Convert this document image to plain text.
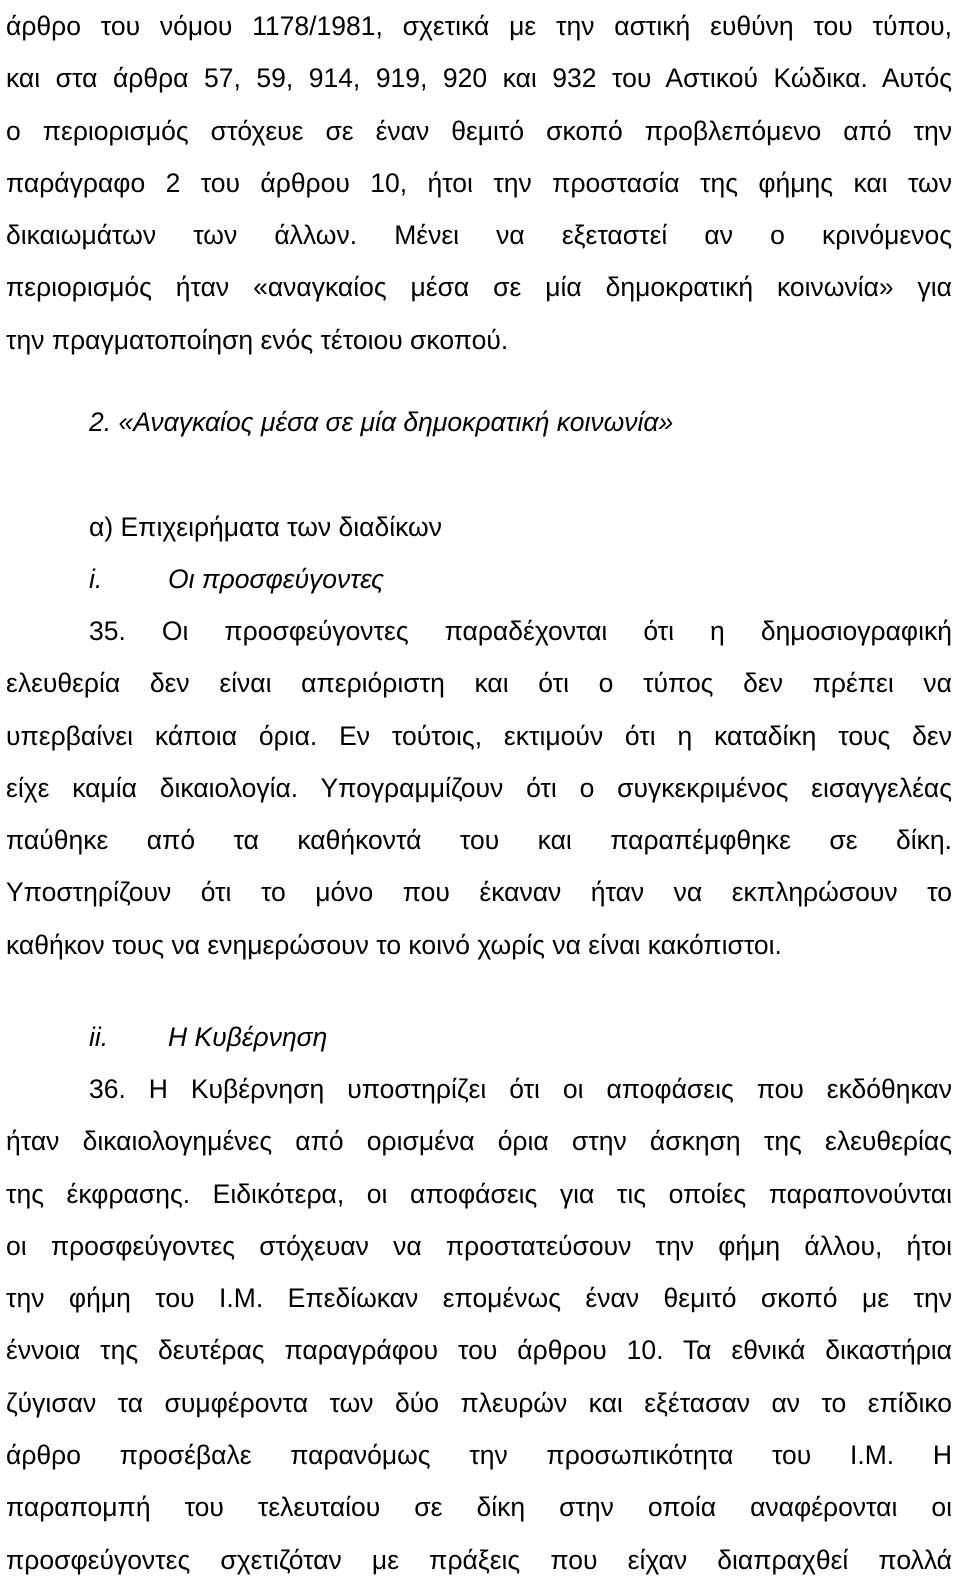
άρθρο του νόμου 1178/1981, σχετικά με την αστική ευθύνη του τύπου,
και στα άρθρα 57, 59, 914, 919, 920 και 932 του Αστικού Κώδικα. Αυτός
ο περιορισμός στόχευε σε έναν θεμιτό σκοπό προβλεπόμενο από την
παράγραφο 2 του άρθρου 10, ήτοι την προστασία της φήμης και των
δικαιωμάτων των άλλων. Μένει να εξεταστεί αν ο κρινόμενος
περιορισμός ήταν «αναγκαίος μέσα σε μία δημοκρατική κοινωνία» για
την πραγματοποίηση ενός τέτοιου σκοπού.
2. «Αναγκαίος μέσα σε μία δημοκρατική κοινωνία»
α) Επιχειρήματα των διαδίκων
i. Οι προσφεύγοντες
35. Οι προσφεύγοντες παραδέχονται ότι η δημοσιογραφική
ελευθερία δεν είναι απεριόριστη και ότι ο τύπος δεν πρέπει να
υπερβαίνει κάποια όρια. Εν τούτοις, εκτιμούν ότι η καταδίκη τους δεν
είχε καμία δικαιολογία. Υπογραμμίζουν ότι ο συγκεκριμένος εισαγγελέας
παύθηκε από τα καθήκοντά του και παραπέμφθηκε σε δίκη.
Υποστηρίζουν ότι το μόνο που έκαναν ήταν να εκπληρώσουν το
καθήκον τους να ενημερώσουν το κοινό χωρίς να είναι κακόπιστοι.
ii. Η Κυβέρνηση
36. Η Κυβέρνηση υποστηρίζει ότι οι αποφάσεις που εκδόθηκαν
ήταν δικαιολογημένες από ορισμένα όρια στην άσκηση της ελευθερίας
της έκφρασης. Ειδικότερα, οι αποφάσεις για τις οποίες παραπονούνται
οι προσφεύγοντες στόχευαν να προστατεύσουν την φήμη άλλου, ήτοι
την φήμη του Ι.Μ. Επεδίωκαν επομένως έναν θεμιτό σκοπό με την
έννοια της δευτέρας παραγράφου του άρθρου 10. Τα εθνικά δικαστήρια
ζύγισαν τα συμφέροντα των δύο πλευρών και εξέτασαν αν το επίδικο
άρθρο προσέβαλε παρανόμως την προσωπικότητα του Ι.Μ. Η
παραπομπή του τελευταίου σε δίκη στην οποία αναφέρονται οι
προσφεύγοντες σχετιζόταν με πράξεις που είχαν διαπραχθεί πολλά
